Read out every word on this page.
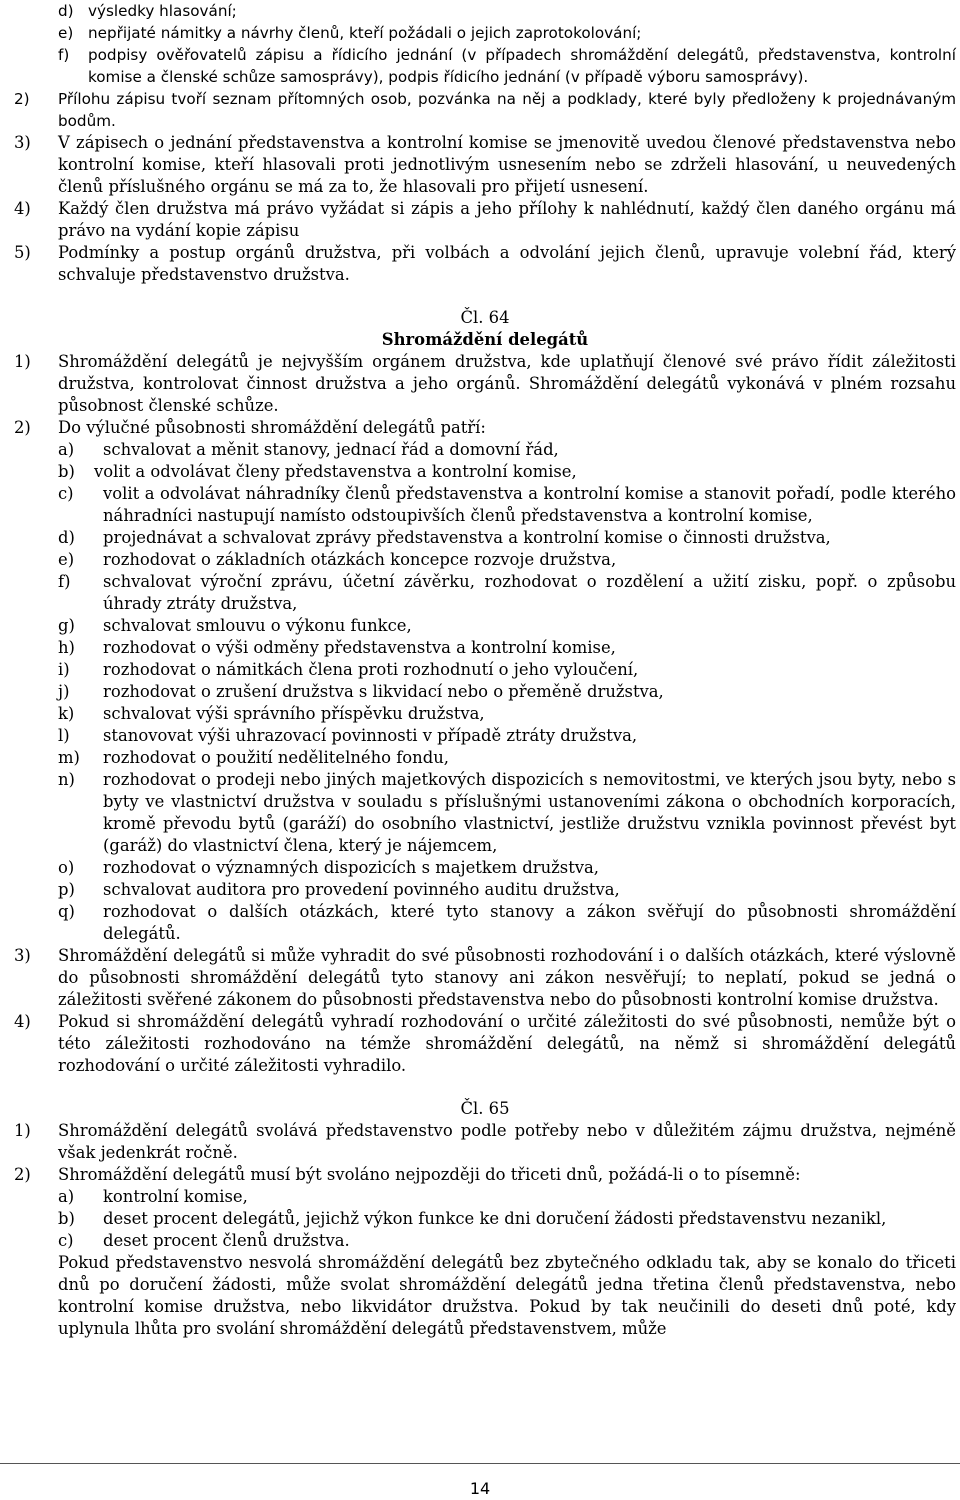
d) výsledky hlasování;
e) nepřijaté námitky a návrhy členů, kteří požádali o jejich zaprotokolování;
f)	podpisy ověřovatelů zápisu a řídicího jednání (v případech shromáždění delegátů, představenstva, kontrolní komise a členské schůze samosprávy), podpis řídicího jednání (v případě výboru samosprávy).
2)	Přílohu zápisu tvoří seznam přítomných osob, pozvánka na něj a podklady, které byly předloženy k projednávaným bodům.
3)	V zápisech o jednání představenstva a kontrolní komise se jmenovitě uvedou členové představenstva nebo kontrolní komise, kteří hlasovali proti jednotlivým usnesením nebo se zdrželi hlasování, u neuvedených členů příslušného orgánu se má za to, že hlasovali pro přijetí usnesení.
4)	Každý člen družstva má právo vyžádat si zápis a jeho přílohy k nahlédnutí, každý člen daného orgánu má právo na vydání kopie zápisu
5)	Podmínky a postup orgánů družstva, při volbách a odvolání jejich členů, upravuje volební řád, který schvaluje představenstvo družstva.
Čl. 64
Shromáždění delegátů
1)	Shromáždění delegátů je nejvyšším orgánem družstva, kde uplatňují členové své právo řídit záležitosti družstva, kontrolovat činnost družstva a jeho orgánů. Shromáždění delegátů vykonává v plném rozsahu působnost členské schůze.
2)	Do výlučné působnosti shromáždění delegátů patří:
a)	schvalovat a měnit stanovy, jednací řád a domovní řád,
b)	volit a odvolávat členy představenstva a kontrolní komise,
c)	volit a odvolávat náhradníky členů představenstva a kontrolní komise a stanovit pořadí, podle kterého náhradníci nastupují namísto odstoupivších členů představenstva a kontrolní komise,
d)	projednávat a schvalovat zprávy představenstva a kontrolní komise o činnosti družstva,
e)	rozhodovat o základních otázkách koncepce rozvoje družstva,
f)	schvalovat výroční zprávu, účetní závěrku, rozhodovat o rozdělení a užití zisku, popř. o způsobu úhrady ztráty družstva,
g)	schvalovat smlouvu o výkonu funkce,
h)	rozhodovat o výši odměny představenstva a kontrolní komise,
i)	rozhodovat o námitkách člena proti rozhodnutí o jeho vyloučení,
j)	rozhodovat o zrušení družstva s likvidací nebo o přeměně družstva,
k)	schvalovat výši správního příspěvku družstva,
l)	stanovovat výši uhrazovací povinnosti v případě ztráty družstva,
m)	rozhodovat o použití nedělitelného fondu,
n)	rozhodovat o prodeji nebo jiných majetkových dispozicích s nemovitostmi, ve kterých jsou byty, nebo s byty ve vlastnictví družstva v souladu s příslušnými ustanoveními zákona o obchodních korporacích, kromě převodu bytů (garáží) do osobního vlastnictví, jestliže družstvu vznikla povinnost převést byt (garáž) do vlastnictví člena, který je nájemcem,
o)	rozhodovat o významných dispozicích s majetkem družstva,
p)	schvalovat auditora pro provedení povinného auditu družstva,
q)	rozhodovat o dalších otázkách, které tyto stanovy a zákon svěřují do působnosti shromáždění delegátů.
3)	Shromáždění delegátů si může vyhradit do své působnosti rozhodování i o dalších otázkách, které výslovně do působnosti shromáždění delegátů tyto stanovy ani zákon nesvěřují; to neplatí, pokud se jedná o záležitosti svěřené zákonem do působnosti představenstva nebo do působnosti kontrolní komise družstva.
4)	Pokud si shromáždění delegátů vyhradí rozhodování o určité záležitosti do své působnosti, nemůže být o této záležitosti rozhodováno na témže shromáždění delegátů, na němž si shromáždění delegátů rozhodování o určité záležitosti vyhradilo.
Čl. 65
1)	Shromáždění delegátů svolává představenstvo podle potřeby nebo v důležitém zájmu družstva, nejméně však jedenkrát ročně.
2)	Shromáždění delegátů musí být svoláno nejpozději do třiceti dnů, požádá-li o to písemně:
a)	kontrolní komise,
b)	deset procent delegátů, jejichž výkon funkce ke dni doručení žádosti představenstvu nezanikl,
c)	deset procent členů družstva.
Pokud představenstvo nesvolá shromáždění delegátů bez zbytečného odkladu tak, aby se konalo do třiceti dnů po doručení žádosti, může svolat shromáždění delegátů jedna třetina členů představenstva, nebo kontrolní komise družstva, nebo likvidátor družstva. Pokud by tak neučinili do deseti dnů poté, kdy uplynula lhůta pro svolání shromáždění delegátů představenstvem, může
14
